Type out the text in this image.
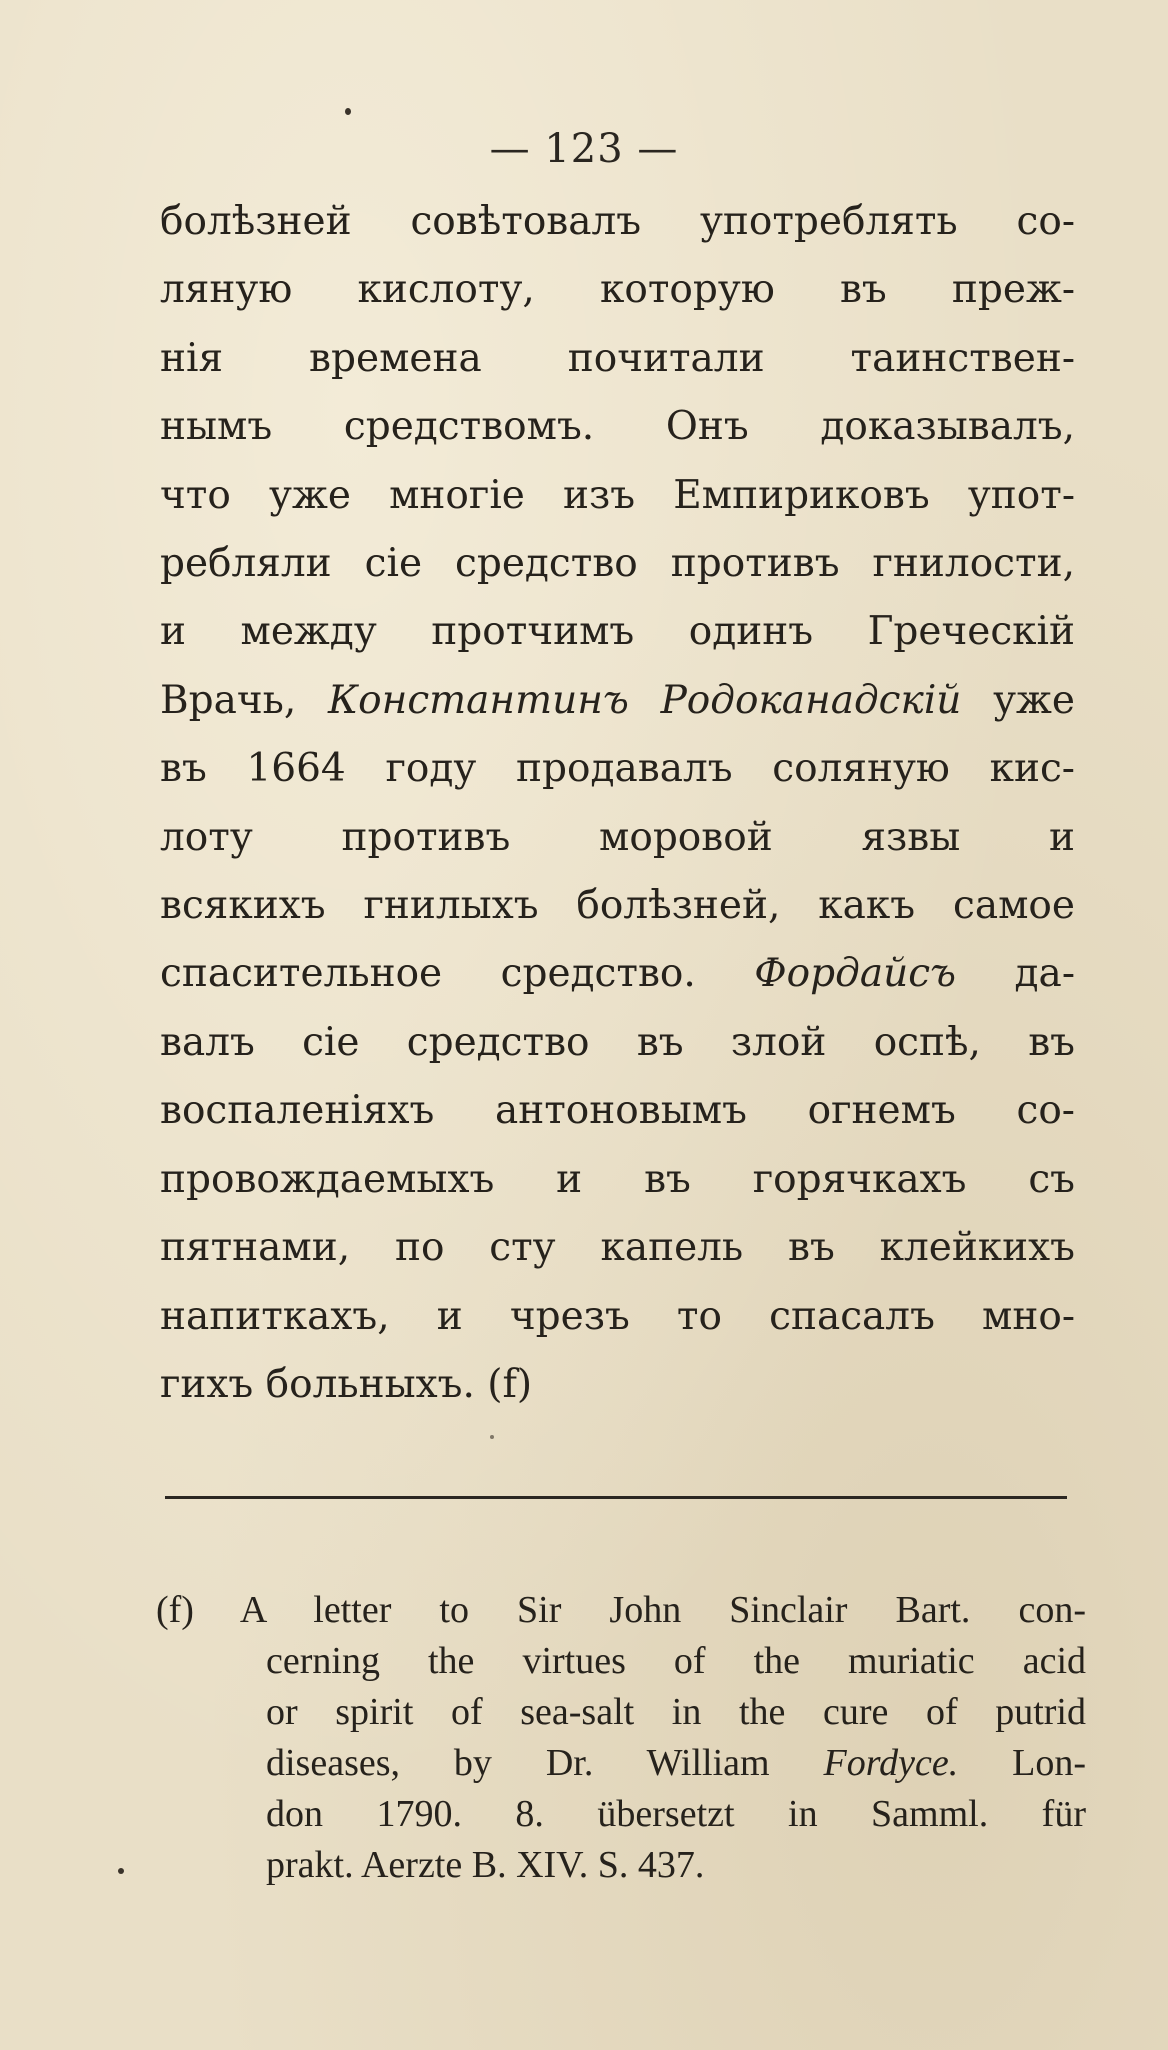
— 123 —
болѣзней совѣтовалъ употреблять со-
ляную кислоту, которую въ преж-
нія времена почитали таинствен-
нымъ средствомъ. Онъ доказывалъ,
что уже многіе изъ Емпириковъ упот-
ребляли сіе средство противъ гнилости,
и между протчимъ одинъ Греческій
Врачь, Константинъ Родоканадскій уже
въ 1664 году продавалъ соляную кис-
лоту противъ моровой язвы и
всякихъ гнилыхъ болѣзней, какъ самое
спасительное средство. Фордайсъ да-
валъ сіе средство въ злой оспѣ, въ
воспаленіяхъ антоновымъ огнемъ со-
провождаемыхъ и въ горячкахъ съ
пятнами, по сту капель въ клейкихъ
напиткахъ, и чрезъ то спасалъ мно-
гихъ больныхъ. (f)
(f) A letter to Sir John Sinclair Bart. con-
cerning the virtues of the muriatic acid
or spirit of sea-salt in the cure of putrid
diseases, by Dr. William Fordyce. Lon-
don 1790. 8. übersetzt in Samml. für
prakt. Aerzte B. XIV. S. 437.
